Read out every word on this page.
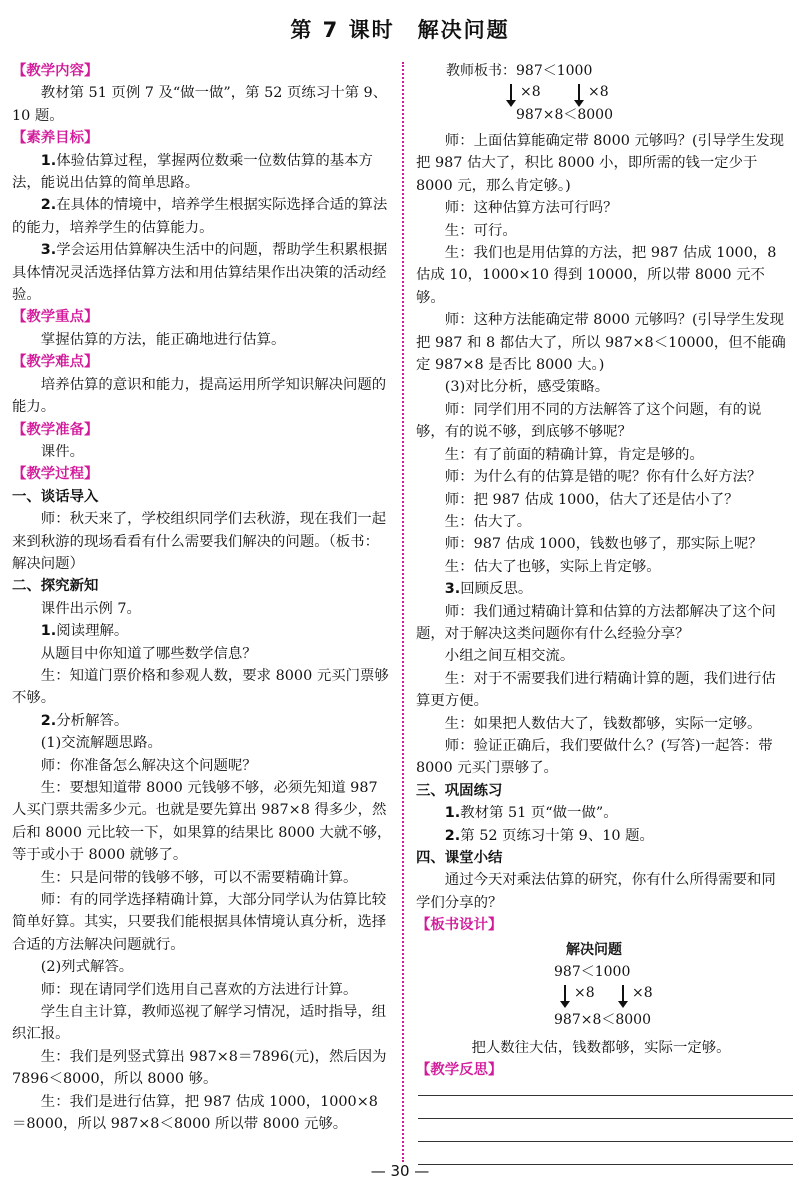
第 7 课时　解决问题

【教学内容】

教材第 51 页例 7 及“做一做”，第 52 页练习十第 9、10 题。

【素养目标】

1.体验估算过程，掌握两位数乘一位数估算的基本方法，能说出估算的简单思路。

2.在具体的情境中，培养学生根据实际选择合适的算法的能力，培养学生的估算能力。

3.学会运用估算解决生活中的问题，帮助学生积累根据具体情况灵活选择估算方法和用估算结果作出决策的活动经验。

【教学重点】

掌握估算的方法，能正确地进行估算。

【教学难点】

培养估算的意识和能力，提高运用所学知识解决问题的能力。

【教学准备】

课件。

【教学过程】

一、谈话导入

师：秋天来了，学校组织同学们去秋游，现在我们一起来到秋游的现场看看有什么需要我们解决的问题。（板书：解决问题）

二、探究新知

课件出示例 7。

1.阅读理解。

从题目中你知道了哪些数学信息？

生：知道门票价格和参观人数，要求 8000 元买门票够不够。

2.分析解答。

(1)交流解题思路。

师：你准备怎么解决这个问题呢？

生：要想知道带 8000 元钱够不够，必须先知道 987 人买门票共需多少元。也就是要先算出 987×8 得多少，然后和 8000 元比较一下，如果算的结果比 8000 大就不够，等于或小于 8000 就够了。

生：只是问带的钱够不够，可以不需要精确计算。

师：有的同学选择精确计算，大部分同学认为估算比较简单好算。其实，只要我们能根据具体情境认真分析，选择合适的方法解决问题就行。

(2)列式解答。

师：现在请同学们选用自己喜欢的方法进行计算。

学生自主计算，教师巡视了解学习情况，适时指导，组织汇报。

生：我们是列竖式算出 987×8＝7896(元)，然后因为 7896＜8000，所以 8000 够。

生：我们是进行估算，把 987 估成 1000，1000×8＝8000，所以 987×8＜8000 所以带 8000 元够。

教师板书：987＜1000
×8	×8
987×8＜8000

师：上面估算能确定带 8000 元够吗？(引导学生发现把 987 估大了，积比 8000 小，即所需的钱一定少于 8000 元，那么肯定够。)

师：这种估算方法可行吗？

生：可行。

生：我们也是用估算的方法，把 987 估成 1000，8 估成 10，1000×10 得到 10000，所以带 8000 元不够。

师：这种方法能确定带 8000 元够吗？(引导学生发现把 987 和 8 都估大了，所以 987×8＜10000，但不能确定 987×8 是否比 8000 大。)

(3)对比分析，感受策略。

师：同学们用不同的方法解答了这个问题，有的说够，有的说不够，到底够不够呢？

生：有了前面的精确计算，肯定是够的。

师：为什么有的估算是错的呢？你有什么好方法？

师：把 987 估成 1000，估大了还是估小了？

生：估大了。

师：987 估成 1000，钱数也够了，那实际上呢？

生：估大了也够，实际上肯定够。

3.回顾反思。

师：我们通过精确计算和估算的方法都解决了这个问题，对于解决这类问题你有什么经验分享？

小组之间互相交流。

生：对于不需要我们进行精确计算的题，我们进行估算更方便。

生：如果把人数估大了，钱数都够，实际一定够。

师：验证正确后，我们要做什么？(写答)一起答：带 8000 元买门票够了。

三、巩固练习

1.教材第 51 页“做一做”。

2.第 52 页练习十第 9、10 题。

四、课堂小结

通过今天对乘法估算的研究，你有什么所得需要和同学们分享的？

【板书设计】

解决问题
987＜1000
×8	×8
987×8＜8000

把人数往大估，钱数都够，实际一定够。

【教学反思】

— 30 —
